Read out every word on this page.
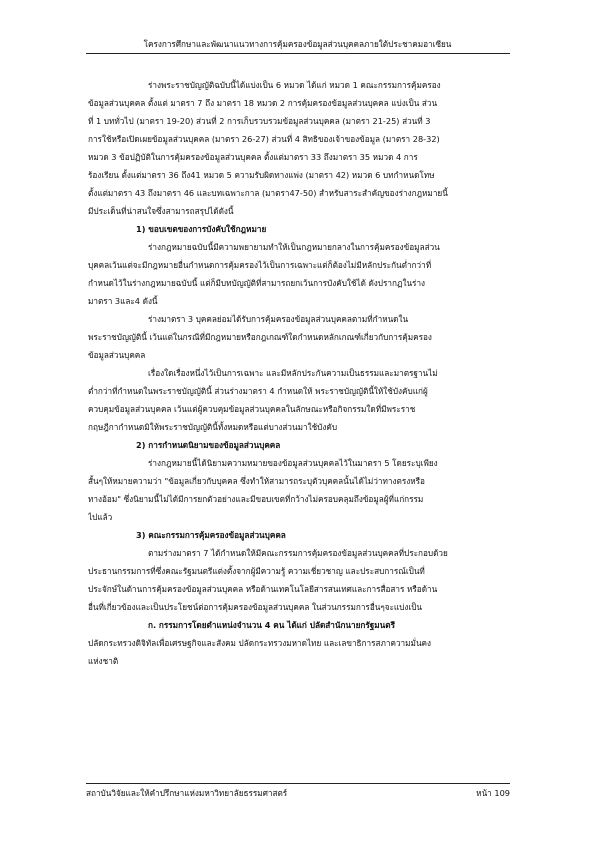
โครงการศึกษาและพัฒนาแนวทางการคุ้มครองข้อมูลส่วนบุคคลภายใต้ประชาคมอาเซียน
ร่างพระราชบัญญัติฉบับนี้ได้แบ่งเป็น 6 หมวด ได้แก่ หมวด 1 คณะกรรมการคุ้มครอง
ข้อมูลส่วนบุคคล ตั้งแต่ มาตรา 7 ถึง มาตรา 18 หมวด 2 การคุ้มครองข้อมูลส่วนบุคคล แบ่งเป็น ส่วน
ที่ 1 บททั่วไป (มาตรา 19-20) ส่วนที่ 2 การเก็บรวบรวมข้อมูลส่วนบุคคล (มาตรา 21-25) ส่วนที่ 3
การใช้หรือเปิดเผยข้อมูลส่วนบุคคล (มาตรา 26-27) ส่วนที่ 4 สิทธิของเจ้าของข้อมูล (มาตรา 28-32)
หมวด 3 ข้อปฏิบัติในการคุ้มครองข้อมูลส่วนบุคคล ตั้งแต่มาตรา 33 ถึงมาตรา 35 หมวด 4 การ
ร้องเรียน ตั้งแต่มาตรา 36 ถึง41 หมวด 5 ความรับผิดทางแพ่ง (มาตรา 42) หมวด 6 บทกำหนดโทษ
ตั้งแต่มาตรา 43 ถึงมาตรา 46 และบทเฉพาะกาล (มาตรา47-50) สำหรับสาระสำคัญของร่างกฎหมายนี้
มีประเด็นที่น่าสนใจซึ่งสามารถสรุปได้ดังนี้
1) ขอบเขตของการบังคับใช้กฎหมาย
ร่างกฎหมายฉบับนี้มีความพยายามทำให้เป็นกฎหมายกลางในการคุ้มครองข้อมูลส่วน
บุคคลเว้นแต่จะมีกฎหมายอื่นกำหนดการคุ้มครองไว้เป็นการเฉพาะแต่ก็ต้องไม่มีหลักประกันต่ำกว่าที่
กำหนดไว้ในร่างกฎหมายฉบับนี้ แต่ก็มีบทบัญญัติที่สามารถยกเว้นการบังคับใช้ได้ ดังปรากฏในร่าง
มาตรา 3และ4 ดังนี้
ร่างมาตรา 3 บุคคลย่อมได้รับการคุ้มครองข้อมูลส่วนบุคคลตามที่กำหนดใน
พระราชบัญญัตินี้ เว้นแต่ในกรณีที่มีกฎหมายหรือกฎเกณฑ์ใดกำหนดหลักเกณฑ์เกี่ยวกับการคุ้มครอง
ข้อมูลส่วนบุคคล
เรื่องใดเรื่องหนึ่งไว้เป็นการเฉพาะ และมีหลักประกันความเป็นธรรมและมาตรฐานไม่
ต่ำกว่าที่กำหนดในพระราชบัญญัตินี้ ส่วนร่างมาตรา 4 กำหนดให้ พระราชบัญญัตินี้ให้ใช้บังคับแก่ผู้
ควบคุมข้อมูลส่วนบุคคล เว้นแต่ผู้ควบคุมข้อมูลส่วนบุคคลในลักษณะหรือกิจกรรมใดที่มีพระราช
กฤษฎีกากำหนดมิให้พระราชบัญญัตินี้ทั้งหมดหรือแต่บางส่วนมาใช้บังคับ
2) การกำหนดนิยามของข้อมูลส่วนบุคคล
ร่างกฎหมายนี้ได้นิยามความหมายของข้อมูลส่วนบุคคลไว้ในมาตรา 5 โดยระบุเพียง
สั้นๆให้หมายความว่า "ข้อมูลเกี่ยวกับบุคคล ซึ่งทำให้สามารถระบุตัวบุคคลนั้นได้ไม่ว่าทางตรงหรือ
ทางอ้อม" ซึ่งนิยามนี้ไม่ได้มีการยกตัวอย่างและมีขอบเขตที่กว้างไม่ครอบคลุมถึงข้อมูลผู้ที่แก่กรรม
ไปแล้ว
3) คณะกรรมการคุ้มครองข้อมูลส่วนบุคคล
ตามร่างมาตรา 7 ได้กำหนดให้มีคณะกรรมการคุ้มครองข้อมูลส่วนบุคคลที่ประกอบด้วย
ประธานกรรมการที่ซึ่งคณะรัฐมนตรีแต่งตั้งจากผู้มีความรู้ ความเชี่ยวชาญ และประสบการณ์เป็นที่
ประจักษ์ในด้านการคุ้มครองข้อมูลส่วนบุคคล หรือด้านเทคโนโลยีสารสนเทศและการสื่อสาร หรือด้าน
อื่นที่เกี่ยวข้องและเป็นประโยชน์ต่อการคุ้มครองข้อมูลส่วนบุคคล ในส่วนกรรมการอื่นๆจะแบ่งเป็น
ก. กรรมการโดยตำแหน่งจำนวน 4 คน ได้แก่ ปลัดสำนักนายกรัฐมนตรี
ปลัดกระทรวงดิจิทัลเพื่อเศรษฐกิจและสังคม ปลัดกระทรวงมหาดไทย และเลขาธิการสภาความมั่นคง
แห่งชาติ
สถาบันวิจัยและให้คำปรึกษาแห่งมหาวิทยาลัยธรรมศาสตร์	หน้า 109
